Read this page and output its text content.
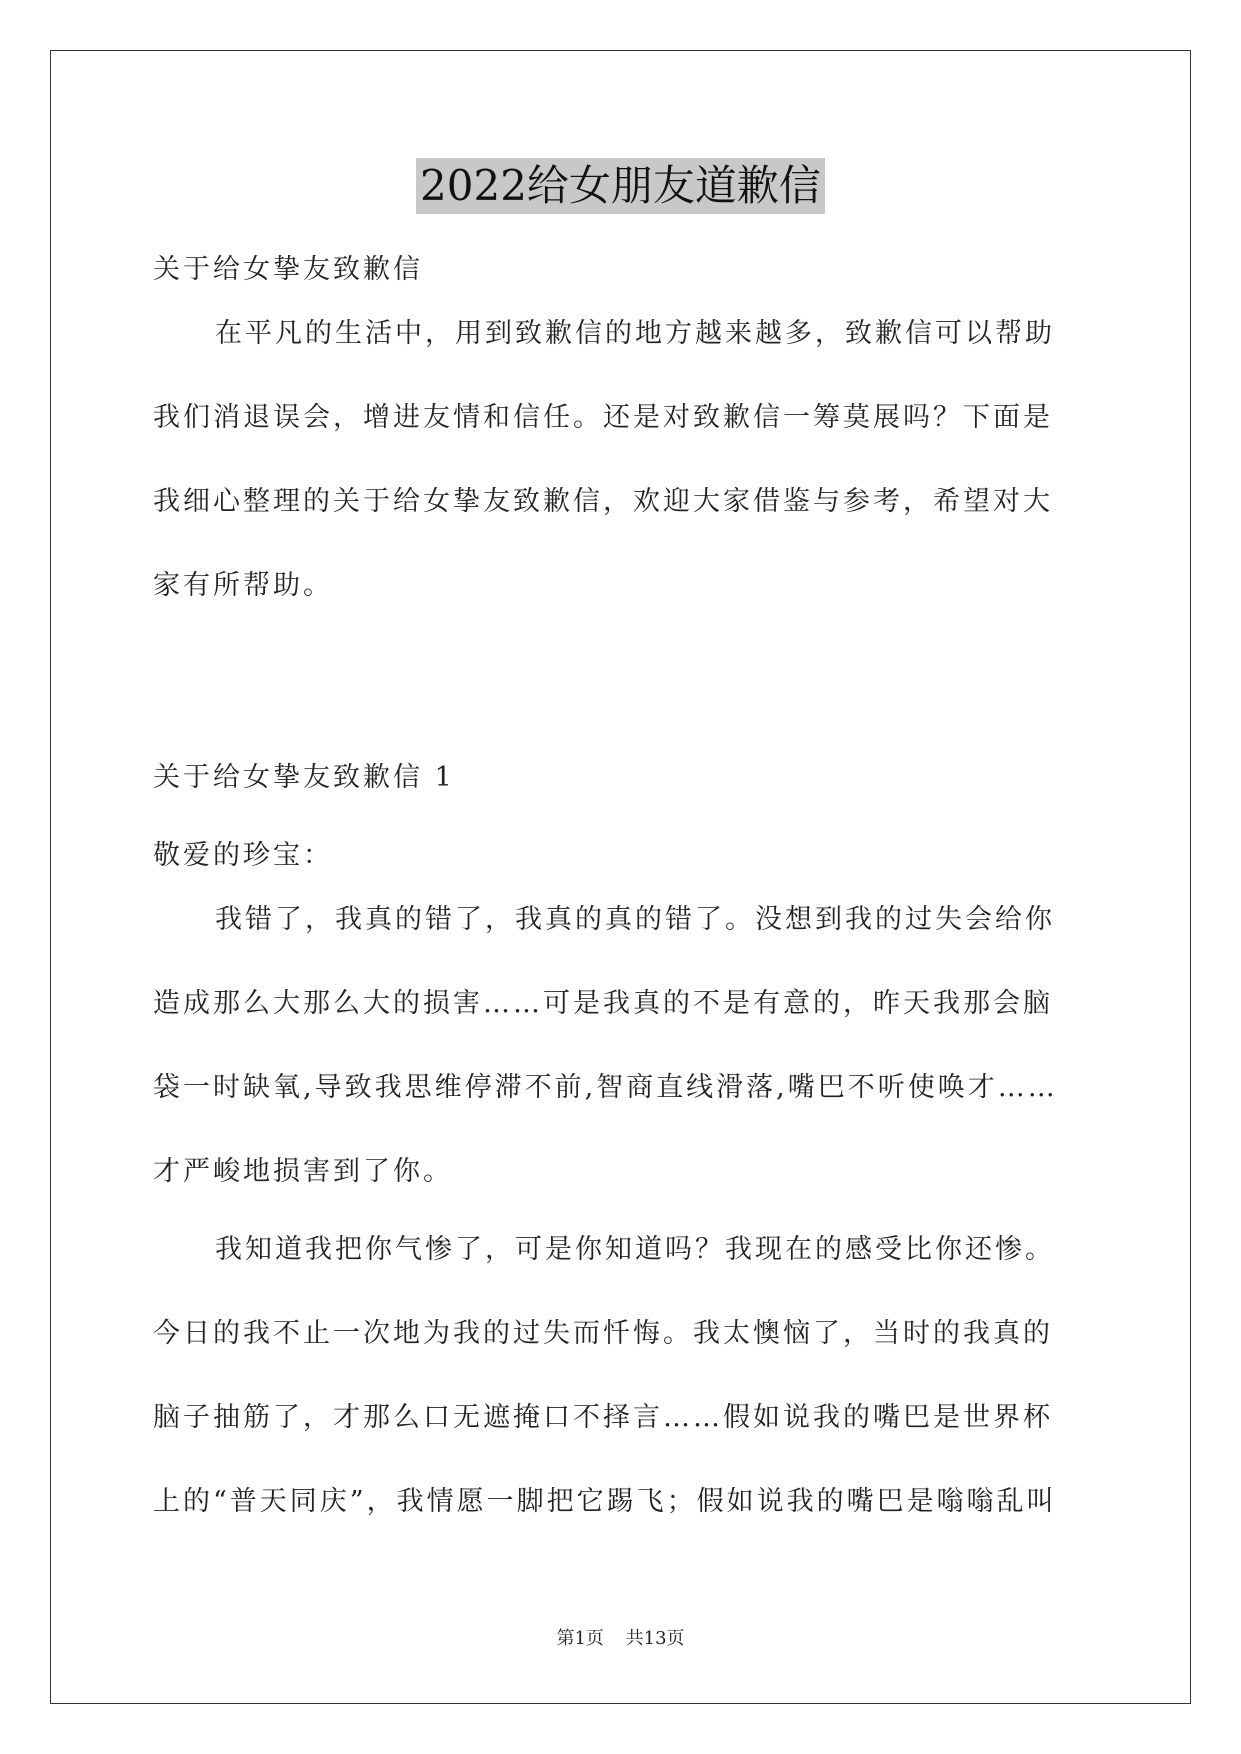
2022给女朋友道歉信
关于给女挚友致歉信
在平凡的生活中，用到致歉信的地方越来越多，致歉信可以帮助
我们消退误会，增进友情和信任。还是对致歉信一筹莫展吗？下面是
我细心整理的关于给女挚友致歉信，欢迎大家借鉴与参考，希望对大
家有所帮助。
关于给女挚友致歉信 1
敬爱的珍宝：
我错了，我真的错了，我真的真的错了。没想到我的过失会给你
造成那么大那么大的损害……可是我真的不是有意的，昨天我那会脑
袋一时缺氧,导致我思维停滞不前,智商直线滑落,嘴巴不听使唤才……
才严峻地损害到了你。
我知道我把你气惨了，可是你知道吗？我现在的感受比你还惨。
今日的我不止一次地为我的过失而忏悔。我太懊恼了，当时的我真的
脑子抽筋了，才那么口无遮掩口不择言……假如说我的嘴巴是世界杯
上的“普天同庆”，我情愿一脚把它踢飞；假如说我的嘴巴是嗡嗡乱叫
第1页 共13页
